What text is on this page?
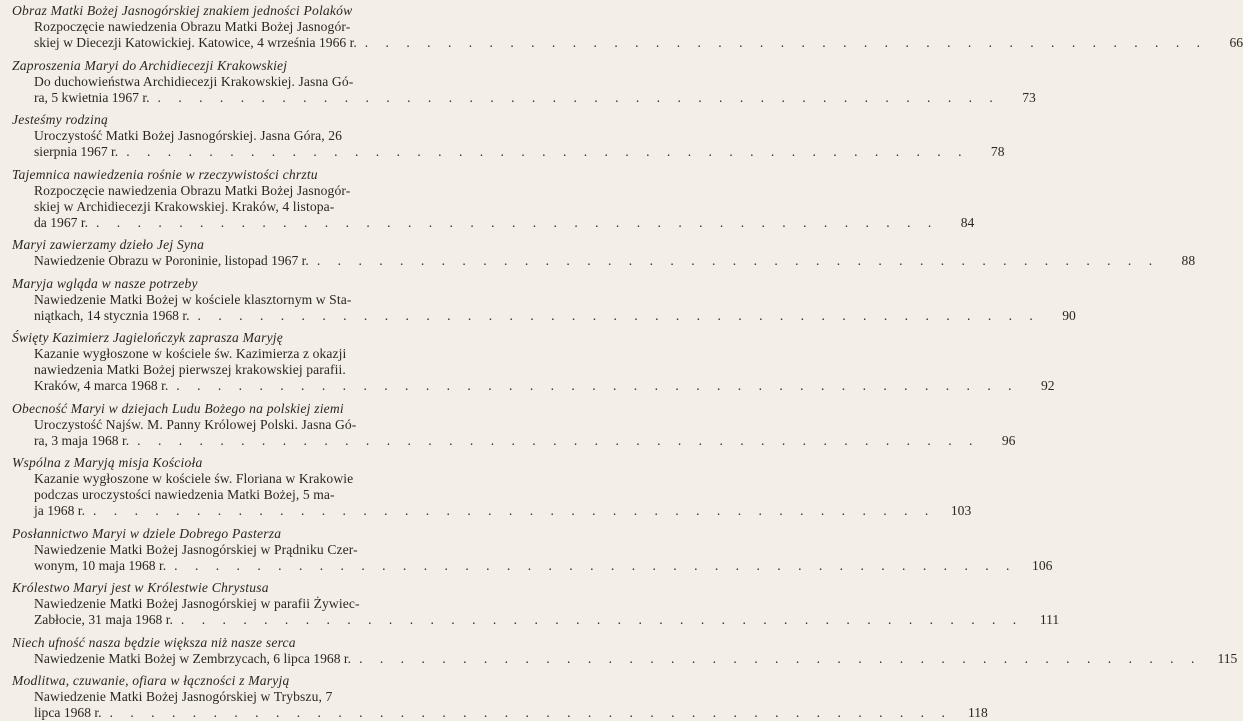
Obraz Matki Bożej Jasnogórskiej znakiem jedności Polaków
Rozpoczęcie nawiedzenia Obrazu Matki Bożej Jasnogór-
skiej w Diecezji Katowickiej. Katowice, 4 września 1966 r. . . . . . . . . . . . . . . . . . . . . . . . . . . . . . . . . . . . . . . . . .	66
Zaproszenia Maryi do Archidiecezji Krakowskiej
Do duchowieństwa Archidiecezji Krakowskiej. Jasna Gó-
ra, 5 kwietnia 1967 r. . . . . . . . . . . . . . . . . . . . . . . . . . . . . . . . . . . . . . . . . .	73
Jesteśmy rodziną
Uroczystość Matki Bożej Jasnogórskiej. Jasna Góra, 26
sierpnia 1967 r. . . . . . . . . . . . . . . . . . . . . . . . . . . . . . . . . . . . . . . . . .	78
Tajemnica nawiedzenia rośnie w rzeczywistości chrztu
Rozpoczęcie nawiedzenia Obrazu Matki Bożej Jasnogór-
skiej w Archidiecezji Krakowskiej. Kraków, 4 listopa-
da 1967 r. . . . . . . . . . . . . . . . . . . . . . . . . . . . . . . . . . . . . . . . . .	84
Maryi zawierzamy dzieło Jej Syna
Nawiedzenie Obrazu w Poroninie, listopad 1967 r. . . . . . . . . . . . . . . . . . . . . . . . . . . . . . . . . . . . . . . . . .	88
Maryja wgląda w nasze potrzeby
Nawiedzenie Matki Bożej w kościele klasztornym w Sta-
niątkach, 14 stycznia 1968 r. . . . . . . . . . . . . . . . . . . . . . . . . . . . . . . . . . . . . . . . . .	90
Święty Kazimierz Jagielończyk zaprasza Maryję
Kazanie wygłoszone w kościele św. Kazimierza z okazji
nawiedzenia Matki Bożej pierwszej krakowskiej parafii.
Kraków, 4 marca 1968 r. . . . . . . . . . . . . . . . . . . . . . . . . . . . . . . . . . . . . . . . . .	92
Obecność Maryi w dziejach Ludu Bożego na polskiej ziemi
Uroczystość Najśw. M. Panny Królowej Polski. Jasna Gó-
ra, 3 maja 1968 r. . . . . . . . . . . . . . . . . . . . . . . . . . . . . . . . . . . . . . . . . .	96
Wspólna z Maryją misja Kościoła
Kazanie wygłoszone w kościele św. Floriana w Krakowie
podczas uroczystości nawiedzenia Matki Bożej, 5 ma-
ja 1968 r. . . . . . . . . . . . . . . . . . . . . . . . . . . . . . . . . . . . . . . . . .	103
Posłannictwo Maryi w dziele Dobrego Pasterza
Nawiedzenie Matki Bożej Jasnogórskiej w Prądniku Czer-
wonym, 10 maja 1968 r. . . . . . . . . . . . . . . . . . . . . . . . . . . . . . . . . . . . . . . . . .	106
Królestwo Maryi jest w Królestwie Chrystusa
Nawiedzenie Matki Bożej Jasnogórskiej w parafii Żywiec-
Zabłocie, 31 maja 1968 r. . . . . . . . . . . . . . . . . . . . . . . . . . . . . . . . . . . . . . . . . .	111
Niech ufność nasza będzie większa niż nasze serca
Nawiedzenie Matki Bożej w Zembrzycach, 6 lipca 1968 r. . . . . . . . . . . . . . . . . . . . . . . . . . . . . . . . . . . . . . . . . .	115
Modlitwa, czuwanie, ofiara w łączności z Maryją
Nawiedzenie Matki Bożej Jasnogórskiej w Trybszu, 7
lipca 1968 r. . . . . . . . . . . . . . . . . . . . . . . . . . . . . . . . . . . . . . . . . .	118
